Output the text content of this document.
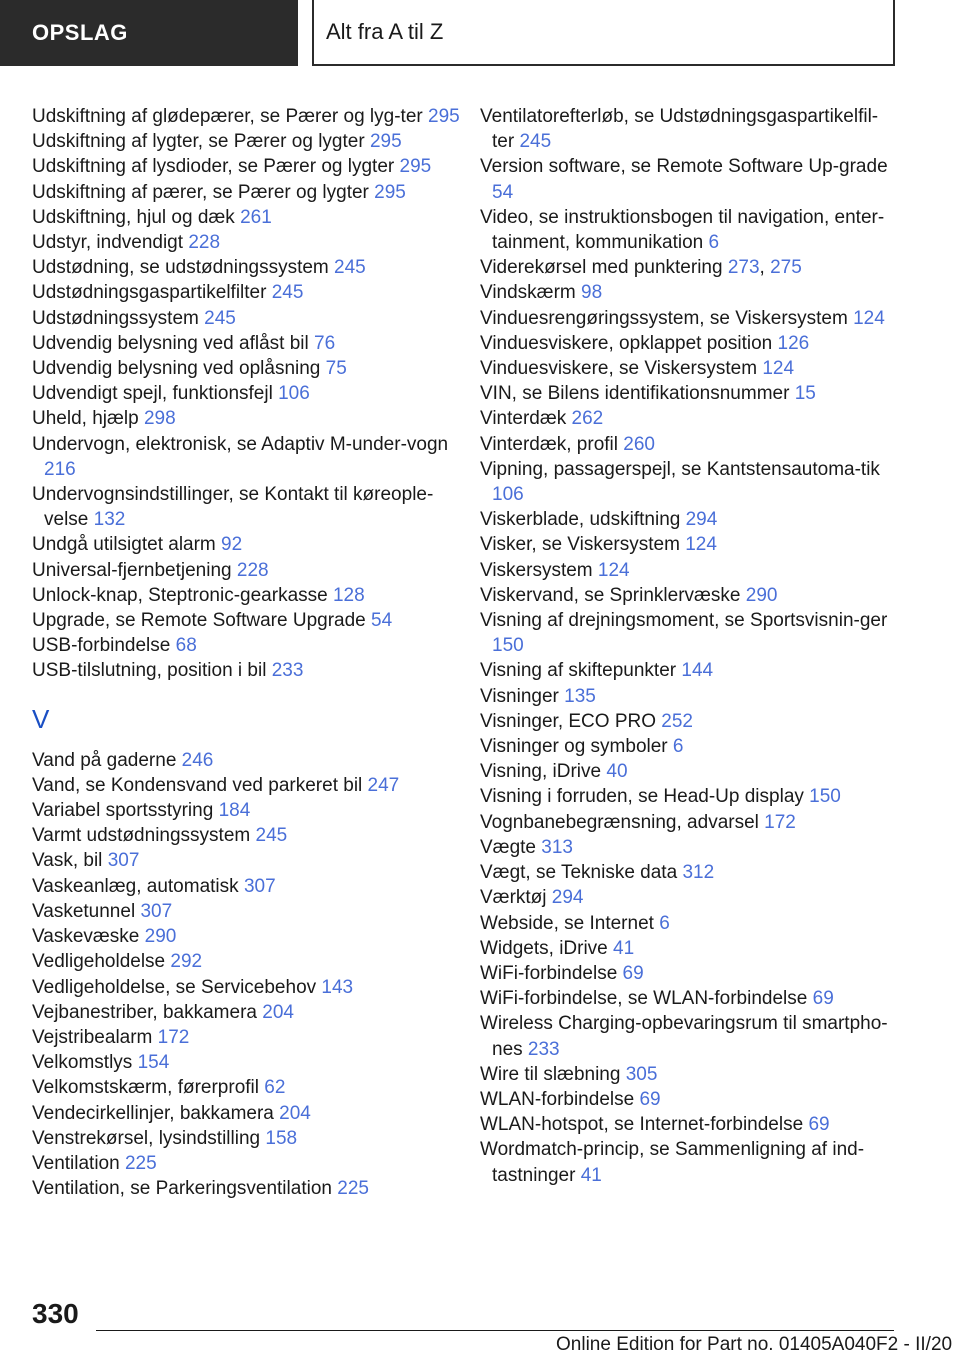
OPSLAG	Alt fra A til Z
Udskiftning af glødepærer, se Pærer og lyg-ter 295
Udskiftning af lygter, se Pærer og lygter 295
Udskiftning af lysdioder, se Pærer og lygter 295
Udskiftning af pærer, se Pærer og lygter 295
Udskiftning, hjul og dæk 261
Udstyr, indvendigt 228
Udstødning, se udstødningssystem 245
Udstødningsgaspartikelfilter 245
Udstødningssystem 245
Udvendig belysning ved aflåst bil 76
Udvendig belysning ved oplåsning 75
Udvendigt spejl, funktionsfejl 106
Uheld, hjælp 298
Undervogn, elektronisk, se Adaptiv M-under-vogn 216
Undervognsindstillinger, se Kontakt til køreople-velse 132
Undgå utilsigtet alarm 92
Universal-fjernbetjening 228
Unlock-knap, Steptronic-gearkasse 128
Upgrade, se Remote Software Upgrade 54
USB-forbindelse 68
USB-tilslutning, position i bil 233
V
Vand på gaderne 246
Vand, se Kondensvand ved parkeret bil 247
Variabel sportsstyring 184
Varmt udstødningssystem 245
Vask, bil 307
Vaskeanlæg, automatisk 307
Vasketunnel 307
Vaskevæske 290
Vedligeholdelse 292
Vedligeholdelse, se Servicebehov 143
Vejbanestriber, bakkamera 204
Vejstribealarm 172
Velkomstlys 154
Velkomstskærm, førerprofil 62
Vendecirkellinjer, bakkamera 204
Venstrekørsel, lysindstilling 158
Ventilation 225
Ventilation, se Parkeringsventilation 225
Ventilatorefterløb, se Udstødningsgaspartikelfil-ter 245
Version software, se Remote Software Up-grade 54
Video, se instruktionsbogen til navigation, enter-tainment, kommunikation 6
Viderekørsel med punktering 273, 275
Vindskærm 98
Vinduesrengøringssystem, se Viskersystem 124
Vinduesviskere, opklappet position 126
Vinduesviskere, se Viskersystem 124
VIN, se Bilens identifikationsnummer 15
Vinterdæk 262
Vinterdæk, profil 260
Vipning, passagerspejl, se Kantstensautoma-tik 106
Viskerblade, udskiftning 294
Visker, se Viskersystem 124
Viskersystem 124
Viskervand, se Sprinklervæske 290
Visning af drejningsmoment, se Sportsvisnin-ger 150
Visning af skiftepunkter 144
Visninger 135
Visninger, ECO PRO 252
Visninger og symboler 6
Visning, iDrive 40
Visning i forruden, se Head-Up display 150
Vognbanebegrænsning, advarsel 172
Vægte 313
Vægt, se Tekniske data 312
Værktøj 294
Webside, se Internet 6
Widgets, iDrive 41
WiFi-forbindelse 69
WiFi-forbindelse, se WLAN-forbindelse 69
Wireless Charging-opbevaringsrum til smartpho-nes 233
Wire til slæbning 305
WLAN-forbindelse 69
WLAN-hotspot, se Internet-forbindelse 69
Wordmatch-princip, se Sammenligning af ind-tastninger 41
330
Online Edition for Part no. 01405A040F2 - II/20
